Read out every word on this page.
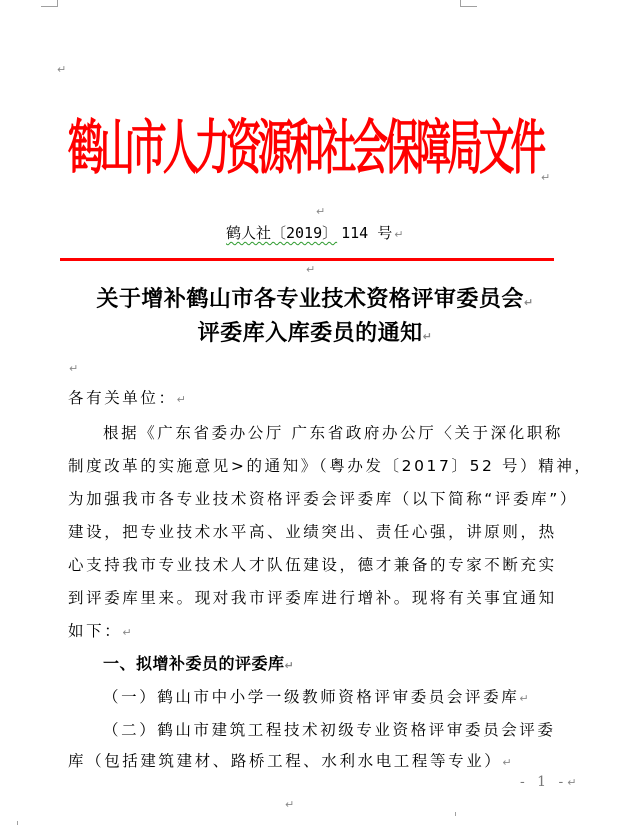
↵
鹤山市人力资源和社会保障局文件
↵
↵
鹤人社〔2019〕 114 号 ↵
↵
关于增补鹤山市各专业技术资格评审委员会↵
评委库入库委员的通知↵
↵
各有关单位：↵
根据《广东省委办公厅 广东省政府办公厅〈关于深化职称
制度改革的实施意见>的通知》（粤办发〔2017〕52 号）精神，
为加强我市各专业技术资格评委会评委库（以下简称“评委库”）
建设，把专业技术水平高、业绩突出、责任心强，讲原则，热
心支持我市专业技术人才队伍建设，德才兼备的专家不断充实
到评委库里来。现对我市评委库进行增补。现将有关事宜通知
如下：↵
一、拟增补委员的评委库↵
（一）鹤山市中小学一级教师资格评审委员会评委库↵
（二）鹤山市建筑工程技术初级专业资格评审委员会评委
库（包括建筑建材、路桥工程、水利水电工程等专业）↵
- 1 -↵
↵
